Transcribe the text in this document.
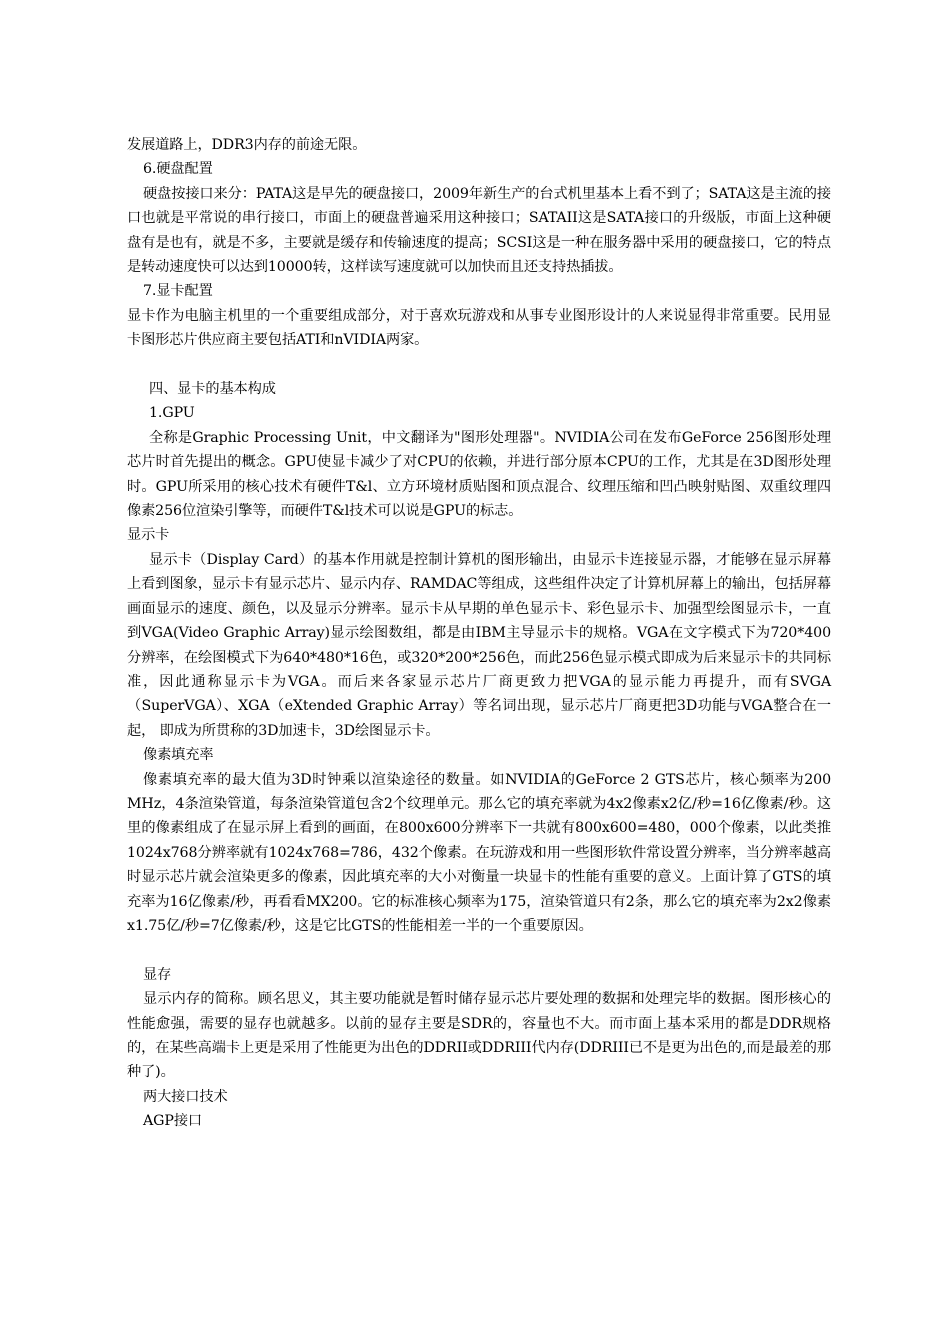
发展道路上，DDR3内存的前途无限。

6.硬盘配置

硬盘按接口来分：PATA这是早先的硬盘接口，2009年新生产的台式机里基本上看不到了；SATA这是主流的接口也就是平常说的串行接口，市面上的硬盘普遍采用这种接口；SATAII这是SATA接口的升级版，市面上这种硬盘有是也有，就是不多，主要就是缓存和传输速度的提高；SCSI这是一种在服务器中采用的硬盘接口，它的特点是转动速度快可以达到10000转，这样读写速度就可以加快而且还支持热插拔。

7.显卡配置

显卡作为电脑主机里的一个重要组成部分，对于喜欢玩游戏和从事专业图形设计的人来说显得非常重要。民用显卡图形芯片供应商主要包括ATI和nVIDIA两家。

四、显卡的基本构成

1.GPU

全称是Graphic Processing Unit，中文翻译为"图形处理器"。NVIDIA公司在发布GeForce 256图形处理芯片时首先提出的概念。GPU使显卡减少了对CPU的依赖，并进行部分原本CPU的工作，尤其是在3D图形处理时。GPU所采用的核心技术有硬件T&l、立方环境材质贴图和顶点混合、纹理压缩和凹凸映射贴图、双重纹理四像素256位渲染引擎等，而硬件T&l技术可以说是GPU的标志。

显示卡

显示卡（Display Card）的基本作用就是控制计算机的图形输出，由显示卡连接显示器，才能够在显示屏幕上看到图象，显示卡有显示芯片、显示内存、RAMDAC等组成，这些组件决定了计算机屏幕上的输出，包括屏幕画面显示的速度、颜色，以及显示分辨率。显示卡从早期的单色显示卡、彩色显示卡、加强型绘图显示卡，一直到VGA(Video Graphic Array)显示绘图数组，都是由IBM主导显示卡的规格。VGA在文字模式下为720*400分辨率，在绘图模式下为640*480*16色，或320*200*256色，而此256色显示模式即成为后来显示卡的共同标准，因此通称显示卡为VGA。而后来各家显示芯片厂商更致力把VGA的显示能力再提升，而有SVGA（SuperVGA）、XGA（eXtended Graphic Array）等名词出现，显示芯片厂商更把3D功能与VGA整合在一起， 即成为所贯称的3D加速卡，3D绘图显示卡。

像素填充率

像素填充率的最大值为3D时钟乘以渲染途径的数量。如NVIDIA的GeForce 2 GTS芯片，核心频率为200 MHz，4条渲染管道，每条渲染管道包含2个纹理单元。那么它的填充率就为4x2像素x2亿/秒=16亿像素/秒。这里的像素组成了在显示屏上看到的画面，在800x600分辨率下一共就有800x600=480，000个像素，以此类推1024x768分辨率就有1024x768=786，432个像素。在玩游戏和用一些图形软件常设置分辨率，当分辨率越高时显示芯片就会渲染更多的像素，因此填充率的大小对衡量一块显卡的性能有重要的意义。上面计算了GTS的填充率为16亿像素/秒，再看看MX200。它的标准核心频率为175，渲染管道只有2条，那么它的填充率为2x2像素x1.75亿/秒=7亿像素/秒，这是它比GTS的性能相差一半的一个重要原因。

显存

显示内存的简称。顾名思义，其主要功能就是暂时储存显示芯片要处理的数据和处理完毕的数据。图形核心的性能愈强，需要的显存也就越多。以前的显存主要是SDR的，容量也不大。而市面上基本采用的都是DDR规格的，在某些高端卡上更是采用了性能更为出色的DDRII或DDRIII代内存(DDRIII已不是更为出色的,而是最差的那种了)。

两大接口技术

AGP接口
